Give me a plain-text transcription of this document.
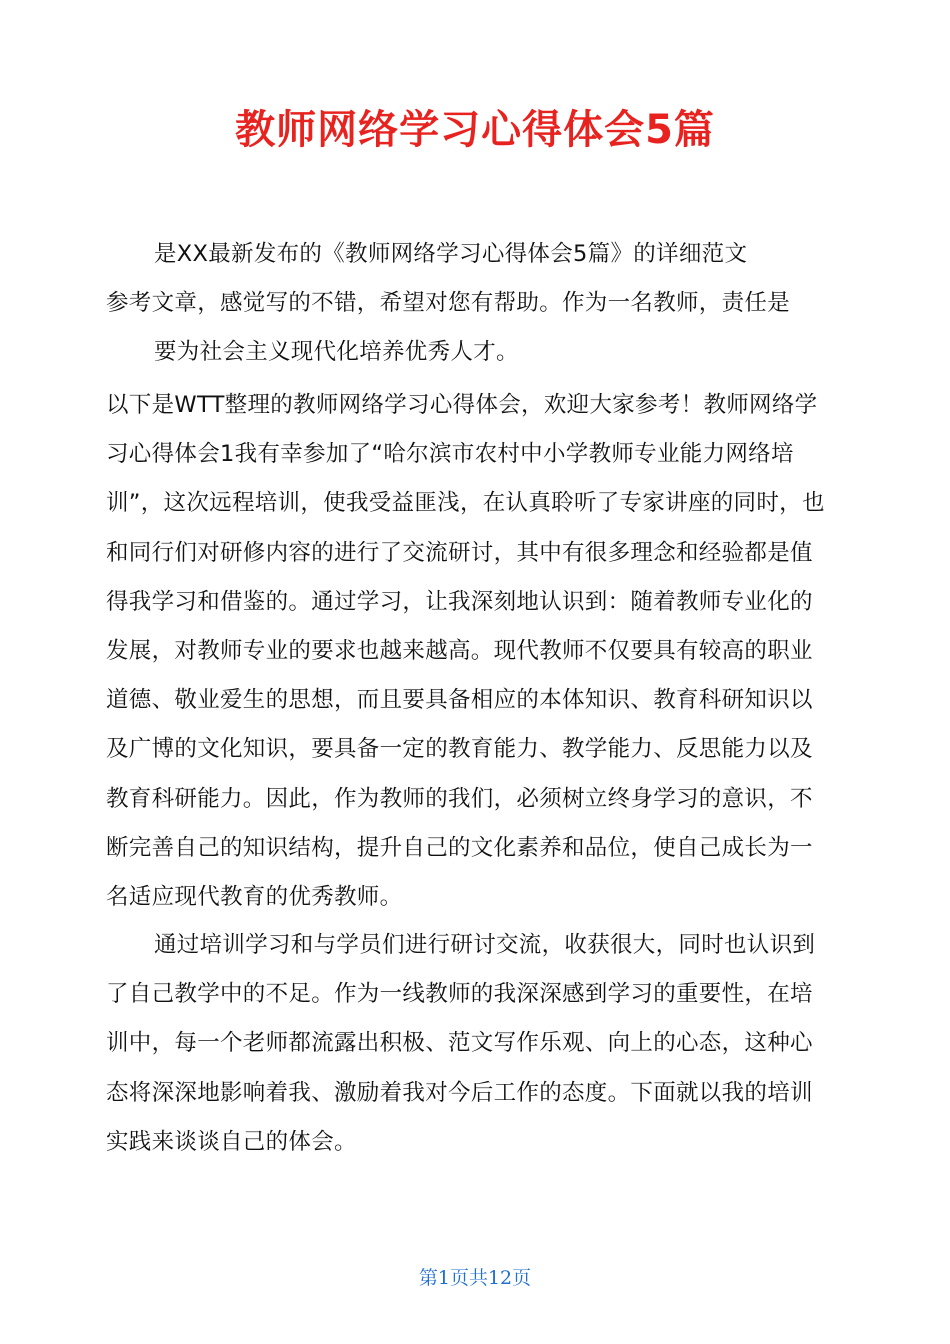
教师网络学习心得体会5篇

是XX最新发布的《教师网络学习心得体会5篇》的详细范文

参考文章，感觉写的不错，希望对您有帮助。作为一名教师，责任是

要为社会主义现代化培养优秀人才。

以下是WTT整理的教师网络学习心得体会，欢迎大家参考！教师网络学习心得体会1我有幸参加了“哈尔滨市农村中小学教师专业能力网络培训”，这次远程培训，使我受益匪浅，在认真聆听了专家讲座的同时，也和同行们对研修内容的进行了交流研讨，其中有很多理念和经验都是值得我学习和借鉴的。通过学习，让我深刻地认识到：随着教师专业化的发展，对教师专业的要求也越来越高。现代教师不仅要具有较高的职业道德、敬业爱生的思想，而且要具备相应的本体知识、教育科研知识以及广博的文化知识，要具备一定的教育能力、教学能力、反思能力以及教育科研能力。因此，作为教师的我们，必须树立终身学习的意识，不断完善自己的知识结构，提升自己的文化素养和品位，使自己成长为一名适应现代教育的优秀教师。

通过培训学习和与学员们进行研讨交流，收获很大，同时也认识到了自己教学中的不足。作为一线教师的我深深感到学习的重要性，在培训中，每一个老师都流露出积极、范文写作乐观、向上的心态，这种心态将深深地影响着我、激励着我对今后工作的态度。下面就以我的培训实践来谈谈自己的体会。

第1页共12页
